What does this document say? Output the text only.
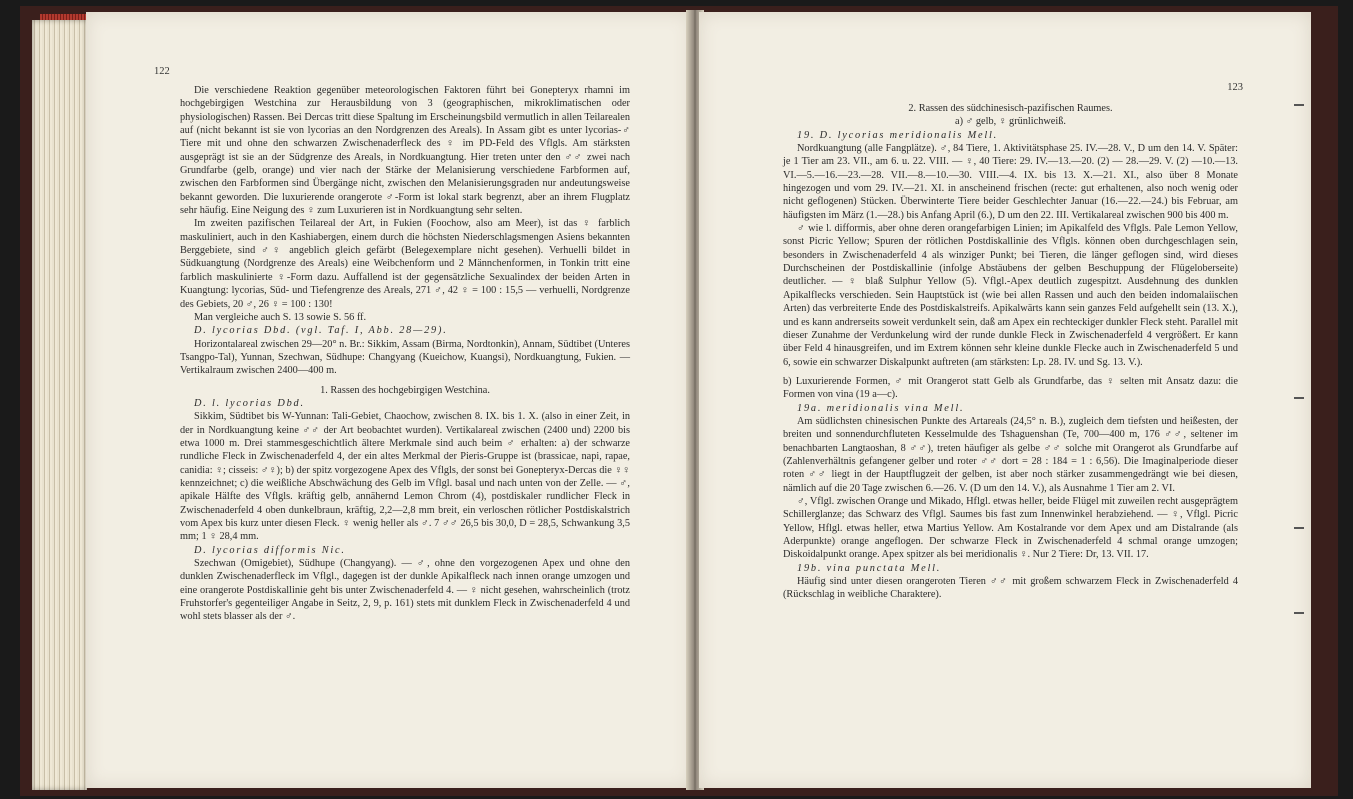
122

Die verschiedene Reaktion gegenüber meteorologischen Faktoren führt bei Gonepteryx rhamni im hochgebirgigen Westchina zur Herausbildung von 3 (geographischen, mikroklimatischen oder physiologischen) Rassen. Bei Dercas tritt diese Spaltung im Erscheinungsbild vermutlich in allen Teilarealen auf (nicht bekannt ist sie von lycorias an den Nordgrenzen des Areals). In Assam gibt es unter lycorias-♂ Tiere mit und ohne den schwarzen Zwischenaderfleck des ♀ im PD-Feld des Vflgls. Am stärksten ausgeprägt ist sie an der Südgrenze des Areals, in Nordkuangtung. Hier treten unter den ♂♂ zwei nach Grundfarbe (gelb, orange) und vier nach der Stärke der Melanisierung verschiedene Farbformen auf, zwischen den Farbformen sind Übergänge nicht, zwischen den Melanisierungsgraden nur andeutungsweise bekannt geworden. Die luxurierende orangerote ♂-Form ist lokal stark begrenzt, aber an ihrem Flugplatz sehr häufig. Eine Neigung des ♀ zum Luxurieren ist in Nordkuangtung sehr selten.

Im zweiten pazifischen Teilareal der Art, in Fukien (Foochow, also am Meer), ist das ♀ farblich maskuliniert, auch in den Kashiabergen, einem durch die höchsten Niederschlagsmengen Asiens bekannten Berggebiete, sind ♂♀ angeblich gleich gefärbt (Belegexemplare nicht gesehen). Verhuelli bildet in Südkuangtung (Nordgrenze des Areals) eine Weibchenform und 2 Männchenformen, in Tonkin tritt eine farblich maskulinierte ♀-Form dazu. Auffallend ist der gegensätzliche Sexualindex der beiden Arten in Kuangtung: lycorias, Süd- und Tiefengrenze des Areals, 271 ♂, 42 ♀ = 100 : 15,5 — verhuelli, Nordgrenze des Gebiets, 20 ♂, 26 ♀ = 100 : 130!

Man vergleiche auch S. 13 sowie S. 56 ff.

D. lycorias Dbd. (vgl. Taf. I, Abb. 28—29).

Horizontalareal zwischen 29—20° n. Br.: Sikkim, Assam (Birma, Nordtonkin), Annam, Südtibet (Unteres Tsangpo-Tal), Yunnan, Szechwan, Südhupe: Changyang (Kueichow, Kuangsi), Nordkuangtung, Fukien. — Vertikalraum zwischen 2400—400 m.

1. Rassen des hochgebirgigen Westchina.

D. l. lycorias Dbd.

Sikkim, Südtibet bis W-Yunnan: Tali-Gebiet, Chaochow, zwischen 8. IX. bis 1. X. (also in einer Zeit, in der in Nordkuangtung keine ♂♂ der Art beobachtet wurden). Vertikalareal zwischen (2400 und) 2200 bis etwa 1000 m. Drei stammesgeschichtlich ältere Merkmale sind auch beim ♂ erhalten: a) der schwarze rundliche Fleck in Zwischenaderfeld 4, der ein altes Merkmal der Pieris-Gruppe ist (brassicae, napi, rapae, canidia: ♀; cisseis: ♂♀); b) der spitz vorgezogene Apex des Vflgls, der sonst bei Gonepteryx-Dercas die ♀♀ kennzeichnet; c) die weißliche Abschwächung des Gelb im Vflgl. basal und nach unten von der Zelle. — ♂, apikale Hälfte des Vflgls. kräftig gelb, annähernd Lemon Chrom (4), postdiskaler rundlicher Fleck in Zwischenaderfeld 4 oben dunkelbraun, kräftig, 2,2—2,8 mm breit, ein verloschen rötlicher Postdiskalstrich vom Apex bis kurz unter diesen Fleck. ♀ wenig heller als ♂. 7 ♂♂ 26,5 bis 30,0, D = 28,5, Schwankung 3,5 mm; 1 ♀ 28,4 mm.

D. lycorias difformis Nic.

Szechwan (Omigebiet), Südhupe (Changyang). — ♂, ohne den vorgezogenen Apex und ohne den dunklen Zwischenaderfleck im Vflgl., dagegen ist der dunkle Apikalfleck nach innen orange umzogen und eine orangerote Postdiskallinie geht bis unter Zwischenaderfeld 4. — ♀ nicht gesehen, wahrscheinlich (trotz Fruhstorfer's gegenteiliger Angabe in Seitz, 2, 9, p. 161) stets mit dunklem Fleck in Zwischenaderfeld 4 und wohl stets blasser als der ♂.

123

2. Rassen des südchinesisch-pazifischen Raumes.

a) ♂ gelb, ♀ grünlichweiß.

19. D. lycorias meridionalis Mell.

Nordkuangtung (alle Fangplätze). ♂, 84 Tiere, 1. Aktivitätsphase 25. IV.—28. V., D um den 14. V. Später: je 1 Tier am 23. VII., am 6. u. 22. VIII. — ♀, 40 Tiere: 29. IV.—13.—20. (2) — 28.—29. V. (2) —10.—13. VI.—5.—16.—23.—28. VII.—8.—10.—30. VIII.—4. IX. bis 13. X.—21. XI., also über 8 Monate hingezogen und vom 29. IV.—21. XI. in anscheinend frischen (recte: gut erhaltenen, also noch wenig oder nicht geflogenen) Stücken. Überwinterte Tiere beider Geschlechter Januar (16.—22.—24.) bis Februar, am häufigsten im März (1.—28.) bis Anfang April (6.), D um den 22. III. Vertikalareal zwischen 900 bis 400 m.

♂ wie l. difformis, aber ohne deren orangefarbigen Linien; im Apikalfeld des Vflgls. Pale Lemon Yellow, sonst Picric Yellow; Spuren der rötlichen Postdiskallinie des Vflgls. können oben durchgeschlagen sein, besonders in Zwischenaderfeld 4 als winziger Punkt; bei Tieren, die länger geflogen sind, wird dieses Durchscheinen der Postdiskallinie (infolge Abstäubens der gelben Beschuppung der Flügeloberseite) deutlicher. — ♀ blaß Sulphur Yellow (5). Vflgl.-Apex deutlich zugespitzt. Ausdehnung des dunklen Apikalflecks verschieden. Sein Hauptstück ist (wie bei allen Rassen und auch den beiden indomalaiischen Arten) das verbreiterte Ende des Postdiskalstreifs. Apikalwärts kann sein ganzes Feld aufgehellt sein (13. X.), und es kann andrerseits soweit verdunkelt sein, daß am Apex ein rechteckiger dunkler Fleck steht. Parallel mit dieser Zunahme der Verdunkelung wird der runde dunkle Fleck in Zwischenaderfeld 4 vergrößert. Er kann über Feld 4 hinausgreifen, und im Extrem können sehr kleine dunkle Flecke auch in Zwischenaderfeld 5 und 6, sowie ein schwarzer Diskalpunkt auftreten (am stärksten: Lp. 28. IV. und Sg. 13. V.).

b) Luxurierende Formen, ♂ mit Orangerot statt Gelb als Grundfarbe, das ♀ selten mit Ansatz dazu: die Formen von vina (19 a—c).

19a. meridionalis vina Mell.

Am südlichsten chinesischen Punkte des Artareals (24,5° n. B.), zugleich dem tiefsten und heißesten, der breiten und sonnendurchfluteten Kesselmulde des Tshaguenshan (Te, 700—400 m, 176 ♂♂, seltener im benachbarten Langtaoshan, 8 ♂♂), treten häufiger als gelbe ♂♂ solche mit Orangerot als Grundfarbe auf (Zahlenverhältnis gefangener gelber und roter ♂♂ dort = 28 : 184 = 1 : 6,56). Die Imaginalperiode dieser roten ♂♂ liegt in der Hauptflugzeit der gelben, ist aber noch stärker zusammengedrängt wie bei diesen, nämlich auf die 20 Tage zwischen 6.—26. V. (D um den 14. V.), als Ausnahme 1 Tier am 2. VI.

♂, Vflgl. zwischen Orange und Mikado, Hflgl. etwas heller, beide Flügel mit zuweilen recht ausgeprägtem Schillerglanze; das Schwarz des Vflgl. Saumes bis fast zum Innenwinkel herabziehend. — ♀, Vflgl. Picric Yellow, Hflgl. etwas heller, etwa Martius Yellow. Am Kostalrande vor dem Apex und am Distalrande (als Aderpunkte) orange angeflogen. Der schwarze Fleck in Zwischenaderfeld 4 schmal orange umzogen; Diskoidalpunkt orange. Apex spitzer als bei meridionalis ♀. Nur 2 Tiere: Dr, 13. VII. 17.

19b. vina punctata Mell.

Häufig sind unter diesen orangeroten Tieren ♂♂ mit großem schwarzem Fleck in Zwischenaderfeld 4 (Rückschlag in weibliche Charaktere).
